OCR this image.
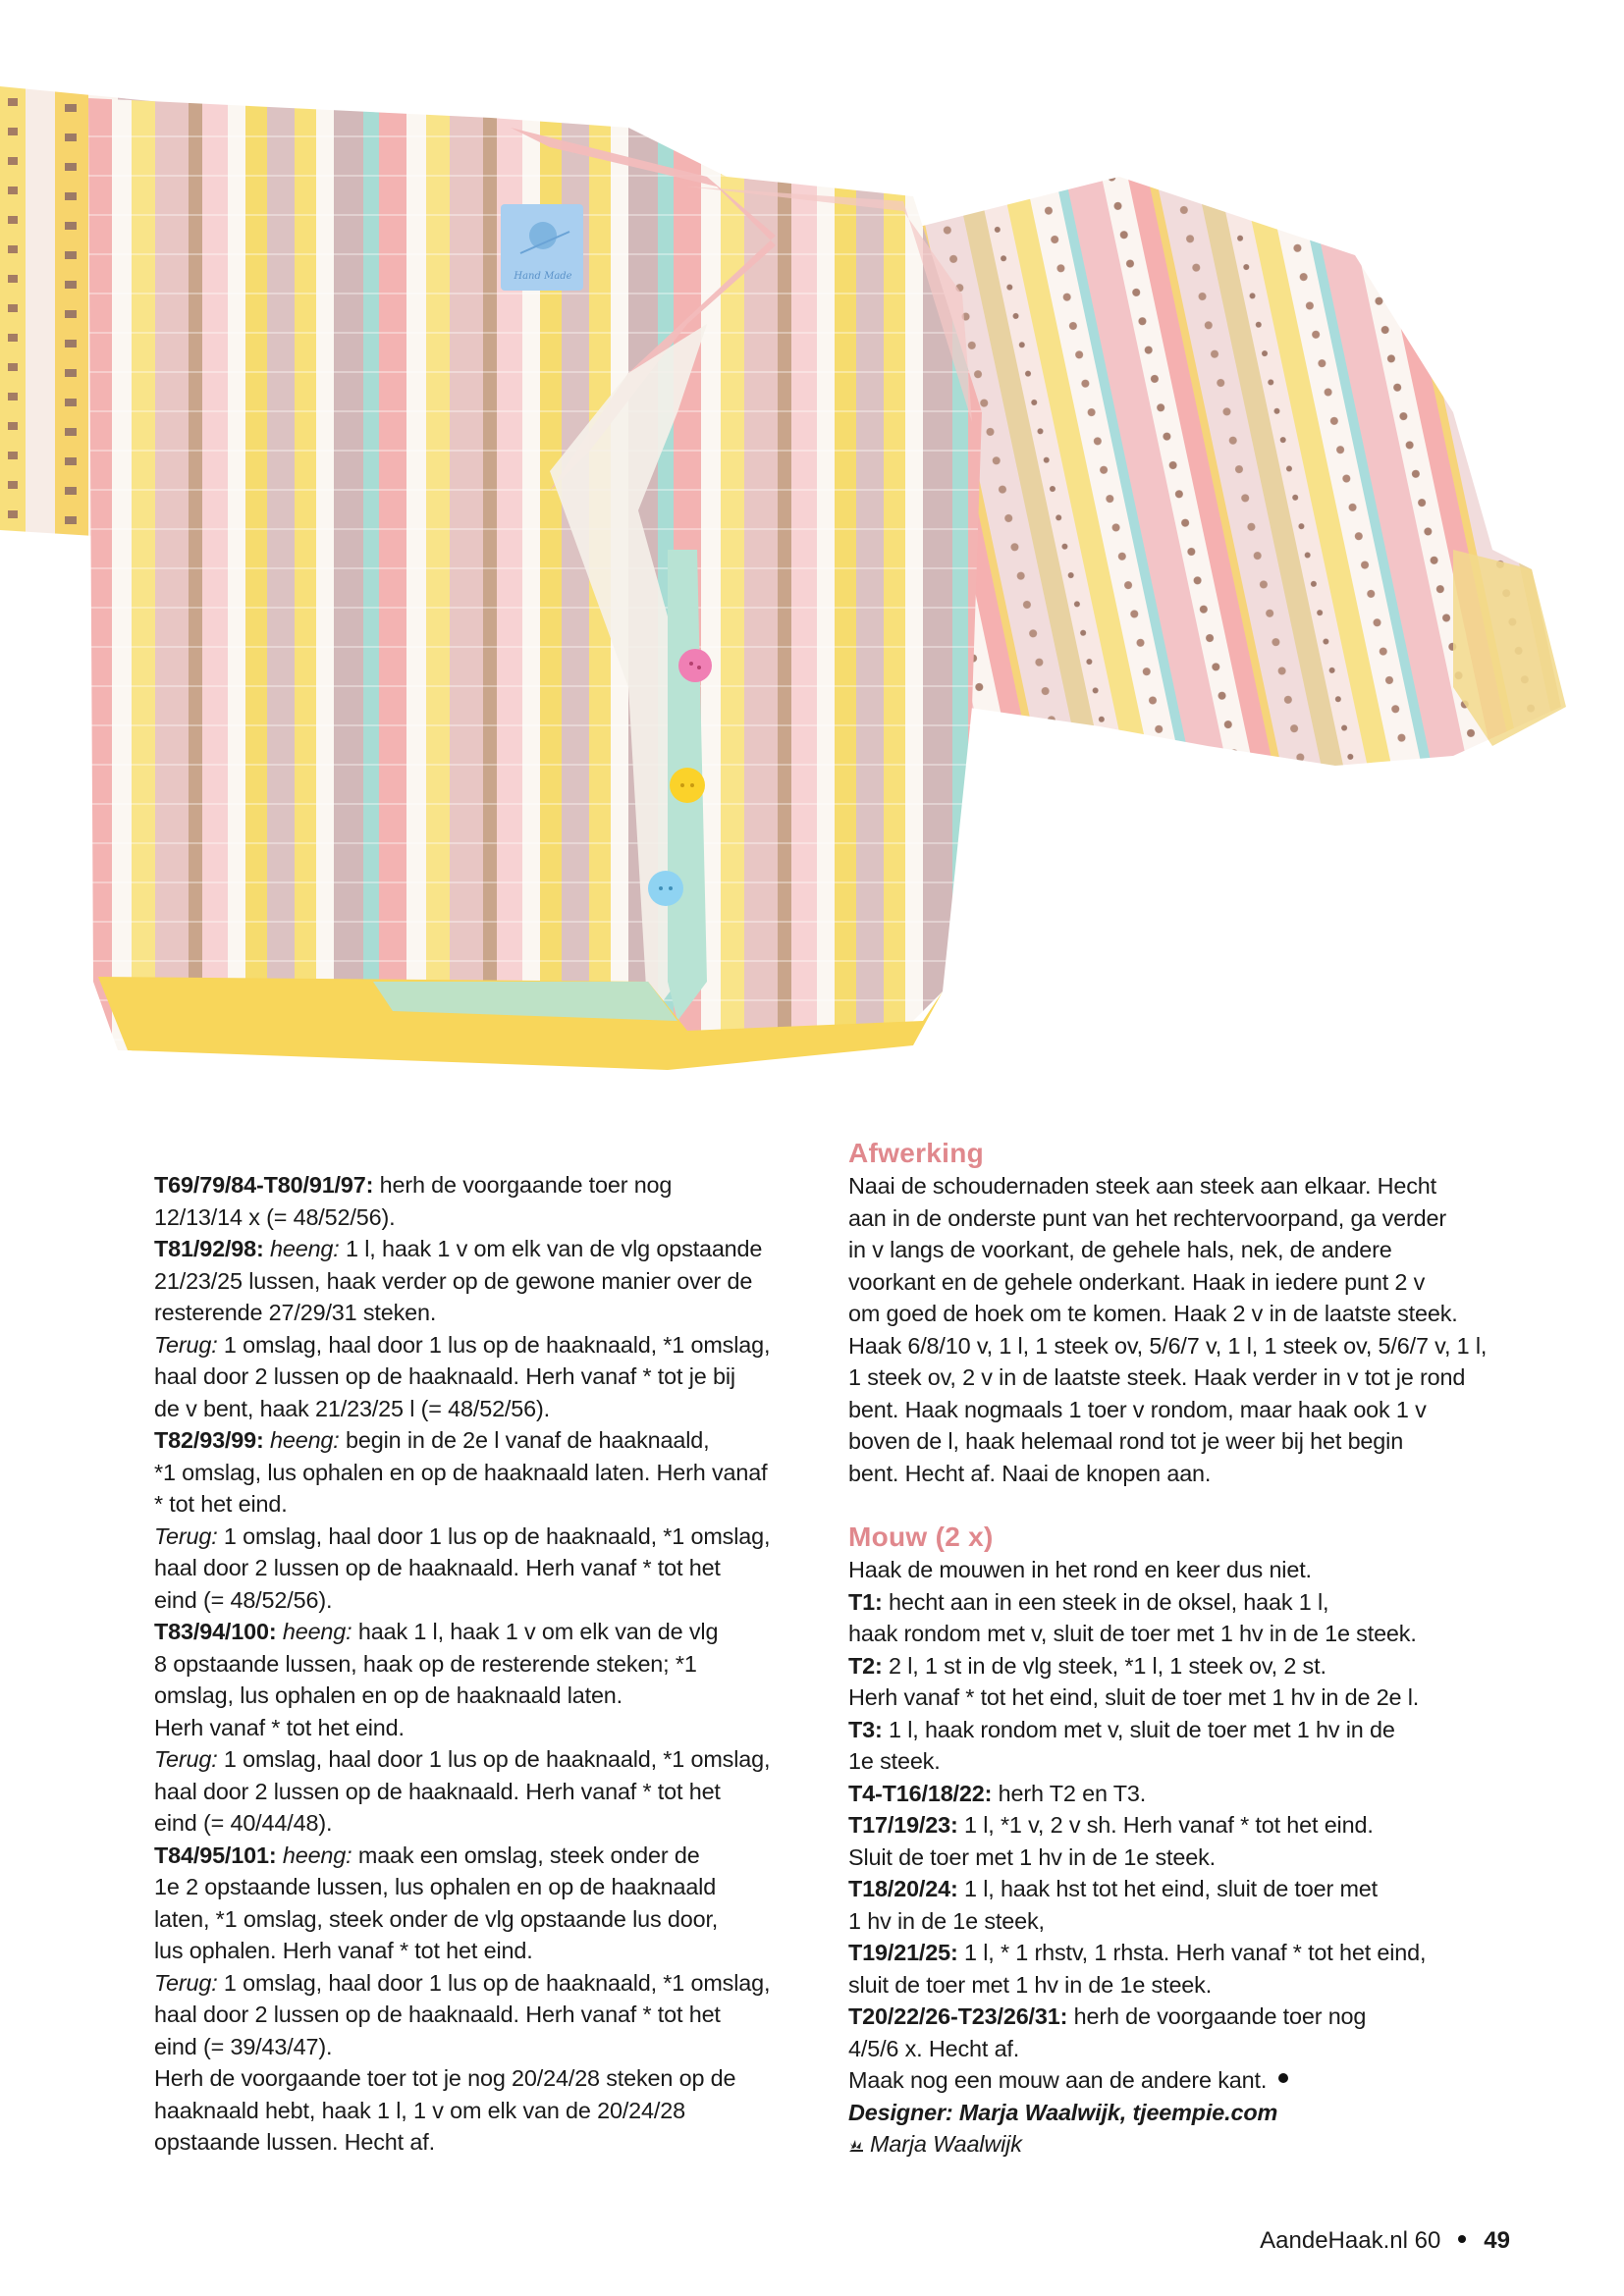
Hand Made
T69/79/84-T80/91/97: herh de voorgaande toer nog
12/13/14 x (= 48/52/56).
T81/92/98: heeng: 1 l, haak 1 v om elk van de vlg opstaande
21/23/25 lussen, haak verder op de gewone manier over de
resterende 27/29/31 steken.
Terug: 1 omslag, haal door 1 lus op de haaknaald, *1 omslag,
haal door 2 lussen op de haaknaald. Herh vanaf * tot je bij
de v bent, haak 21/23/25 l (= 48/52/56).
T82/93/99: heeng: begin in de 2e l vanaf de haaknaald,
*1 omslag, lus ophalen en op de haaknaald laten. Herh vanaf
* tot het eind.
Terug: 1 omslag, haal door 1 lus op de haaknaald, *1 omslag,
haal door 2 lussen op de haaknaald. Herh vanaf * tot het
eind (= 48/52/56).
T83/94/100: heeng: haak 1 l, haak 1 v om elk van de vlg
8 opstaande lussen, haak op de resterende steken; *1
omslag, lus ophalen en op de haaknaald laten.
Herh vanaf * tot het eind.
Terug: 1 omslag, haal door 1 lus op de haaknaald, *1 omslag,
haal door 2 lussen op de haaknaald. Herh vanaf * tot het
eind (= 40/44/48).
T84/95/101: heeng: maak een omslag, steek onder de
1e 2 opstaande lussen, lus ophalen en op de haaknaald
laten, *1 omslag, steek onder de vlg opstaande lus door,
lus ophalen. Herh vanaf * tot het eind.
Terug: 1 omslag, haal door 1 lus op de haaknaald, *1 omslag,
haal door 2 lussen op de haaknaald. Herh vanaf * tot het
eind (= 39/43/47).
Herh de voorgaande toer tot je nog 20/24/28 steken op de
haaknaald hebt, haak 1 l, 1 v om elk van de 20/24/28
opstaande lussen. Hecht af.
Afwerking
Naai de schoudernaden steek aan steek aan elkaar. Hecht
aan in de onderste punt van het rechtervoorpand, ga verder
in v langs de voorkant, de gehele hals, nek, de andere
voorkant en de gehele onderkant. Haak in iedere punt 2 v
om goed de hoek om te komen. Haak 2 v in de laatste steek.
Haak 6/8/10 v, 1 l, 1 steek ov, 5/6/7 v, 1 l, 1 steek ov, 5/6/7 v, 1 l,
1 steek ov, 2 v in de laatste steek. Haak verder in v tot je rond
bent. Haak nogmaals 1 toer v rondom, maar haak ook 1 v
boven de l, haak helemaal rond tot je weer bij het begin
bent. Hecht af. Naai de knopen aan.
Mouw (2 x)
Haak de mouwen in het rond en keer dus niet.
T1: hecht aan in een steek in de oksel, haak 1 l,
haak rondom met v, sluit de toer met 1 hv in de 1e steek.
T2: 2 l, 1 st in de vlg steek, *1 l, 1 steek ov, 2 st.
Herh vanaf * tot het eind, sluit de toer met 1 hv in de 2e l.
T3: 1 l, haak rondom met v, sluit de toer met 1 hv in de
1e steek.
T4-T16/18/22: herh T2 en T3.
T17/19/23: 1 l, *1 v, 2 v sh. Herh vanaf * tot het eind.
Sluit de toer met 1 hv in de 1e steek.
T18/20/24: 1 l, haak hst tot het eind, sluit de toer met
1 hv in de 1e steek,
T19/21/25: 1 l, * 1 rhstv, 1 rhsta. Herh vanaf * tot het eind,
sluit de toer met 1 hv in de 1e steek.
T20/22/26-T23/26/31: herh de voorgaande toer nog
4/5/6 x. Hecht af.
Maak nog een mouw aan de andere kant.
Designer: Marja Waalwijk, tjeempie.com
Marja Waalwijk
AandeHaak.nl 60 49
